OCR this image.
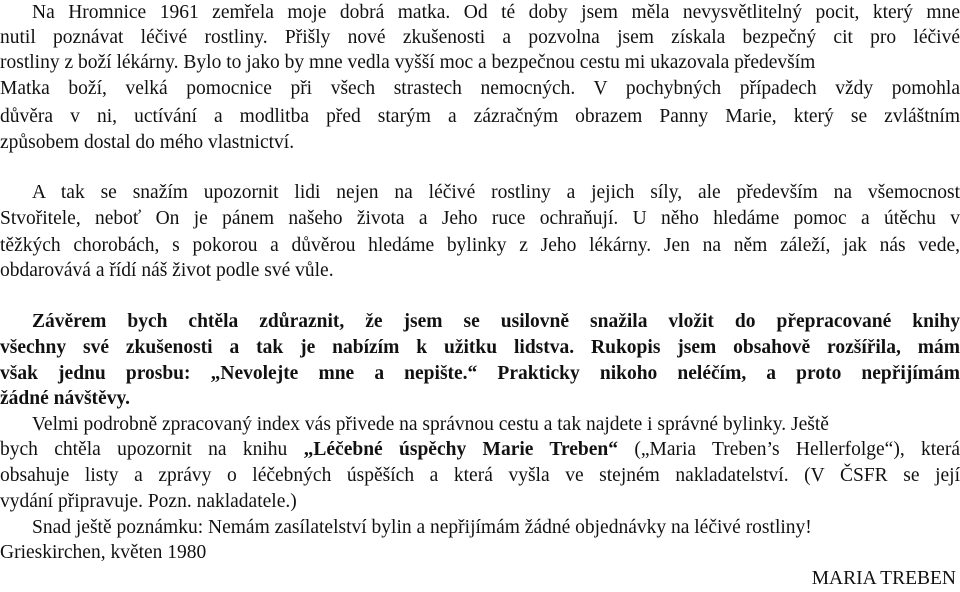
Na Hromnice 1961 zemřela moje dobrá matka. Od té doby jsem měla nevysvětlitelný pocit, který mne

nutil poznávat léčivé rostliny. Přišly nové zkušenosti a pozvolna jsem získala bezpečný cit pro léčivé

rostliny z boží lékárny. Bylo to jako by mne vedla vyšší moc a bezpečnou cestu mi ukazovala především

Matka boží, velká pomocnice při všech strastech nemocných. V pochybných případech vždy pomohla

důvěra v ni, uctívání a modlitba před starým a zázračným obrazem Panny Marie, který se zvláštním

způsobem dostal do mého vlastnictví.

A tak se snažím upozornit lidi nejen na léčivé rostliny a jejich síly, ale především na všemocnost

Stvořitele, neboť On je pánem našeho života a Jeho ruce ochraňují. U něho hledáme pomoc a útěchu v

těžkých chorobách, s pokorou a důvěrou hledáme bylinky z Jeho lékárny. Jen na něm záleží, jak nás vede,

obdarovává a řídí náš život podle své vůle.

Závěrem bych chtěla zdůraznit, že jsem se usilovně snažila vložit do přepracované knihy

všechny své zkušenosti a tak je nabízím k užitku lidstva. Rukopis jsem obsahově rozšířila, mám

však jednu prosbu: „Nevolejte mne a nepište.“ Prakticky nikoho neléčím, a proto nepřijímám

žádné návštěvy.

Velmi podrobně zpracovaný index vás přivede na správnou cestu a tak najdete i správné bylinky. Ještě

bych chtěla upozornit na knihu „Léčebné úspěchy Marie Treben“ („Maria Treben’s Hellerfolge“), která

obsahuje listy a zprávy o léčebných úspěších a která vyšla ve stejném nakladatelství. (V ČSFR se její

vydání připravuje. Pozn. nakladatele.)

Snad ještě poznámku: Nemám zasílatelství bylin a nepřijímám žádné objednávky na léčivé rostliny!

Grieskirchen, květen 1980

MARIA TREBEN
